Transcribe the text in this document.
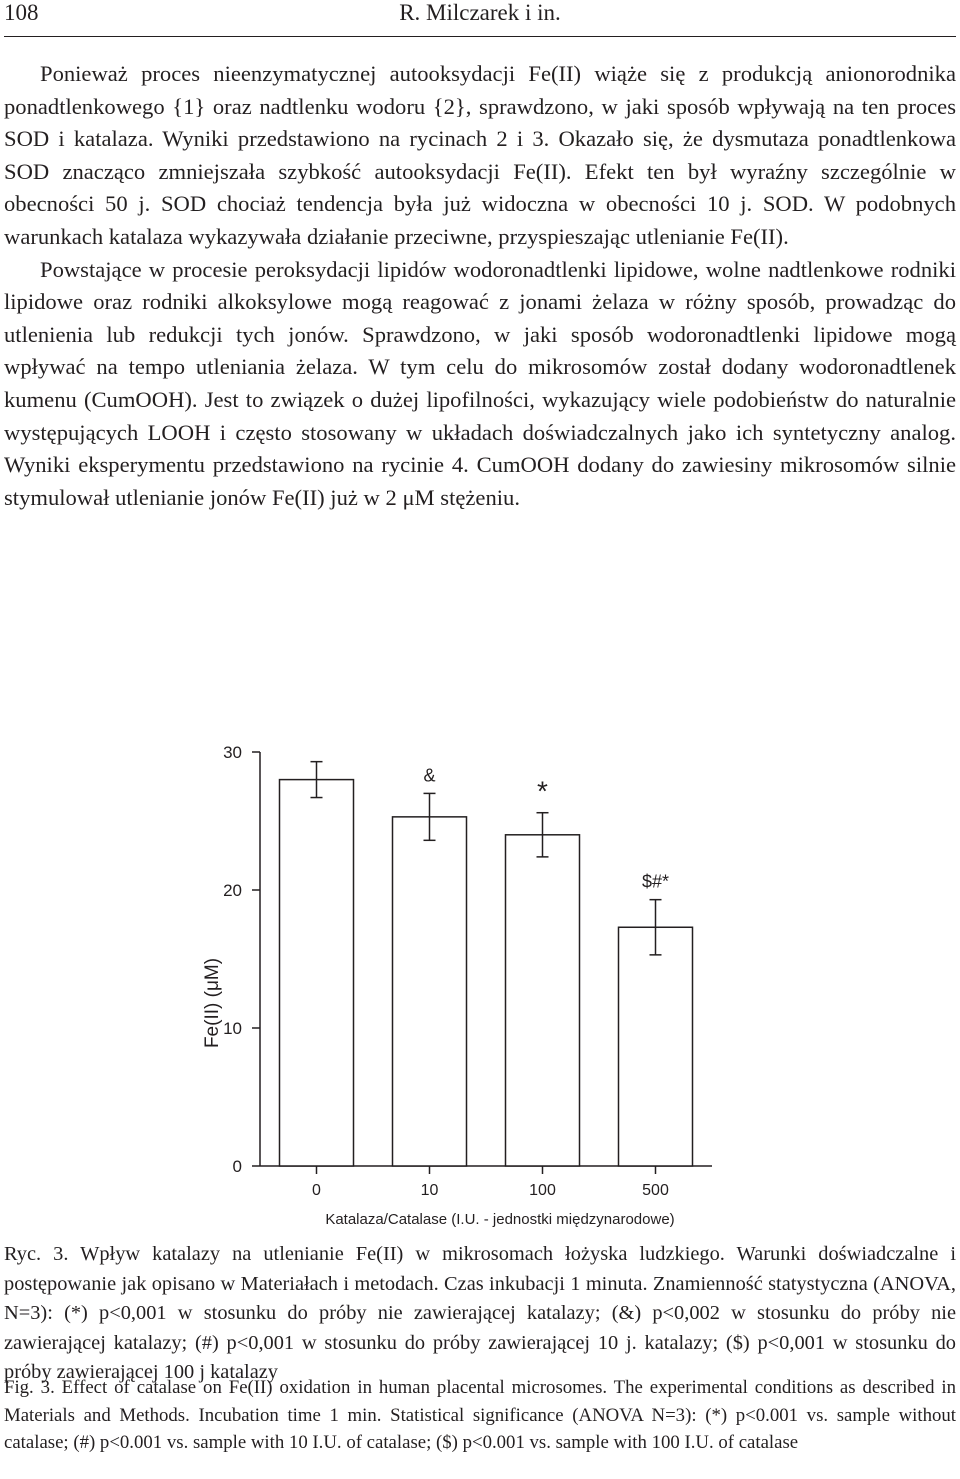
108	R. Milczarek i in.

Ponieważ proces nieenzymatycznej autooksydacji Fe(II) wiąże się z produkcją anionorodnika ponadtlenkowego {1} oraz nadtlenku wodoru {2}, sprawdzono, w jaki sposób wpływają na ten proces SOD i katalaza. Wyniki przedstawiono na rycinach 2 i 3. Okazało się, że dysmutaza ponadtlenkowa SOD znacząco zmniejszała szybkość autooksydacji Fe(II). Efekt ten był wyraźny szczególnie w obecności 50 j. SOD chociaż tendencja była już widoczna w obecności 10 j. SOD. W podobnych warunkach katalaza wykazywała działanie przeciwne, przyspieszając utlenianie Fe(II).

Powstające w procesie peroksydacji lipidów wodoronadtlenki lipidowe, wolne nadtlenkowe rodniki lipidowe oraz rodniki alkoksylowe mogą reagować z jonami żelaza w różny sposób, prowadząc do utlenienia lub redukcji tych jonów. Sprawdzono, w jaki sposób wodoronadtlenki lipidowe mogą wpływać na tempo utleniania żelaza. W tym celu do mikrosomów został dodany wodoronadtlenek kumenu (CumOOH). Jest to związek o dużej lipofilności, wykazujący wiele podobieństw do naturalnie występujących LOOH i często stosowany w układach doświadczalnych jako ich syntetyczny analog. Wyniki eksperymentu przedstawiono na rycinie 4. CumOOH dodany do zawiesiny mikrosomów silnie stymulował utlenianie jonów Fe(II) już w 2 μM stężeniu.

0
10
20
30
0	10
&
100
*
500
$#*
Fe(II) (μM)
Katalaza/Catalase (I.U. - jednostki międzynarodowe)
Ryc. 3. Wpływ katalazy na utlenianie Fe(II) w mikrosomach łożyska ludzkiego. Warunki doświadczalne i postępowanie jak opisano w Materiałach i metodach. Czas inkubacji 1 minuta. Znamienność statystyczna (ANOVA, N=3): (*) p<0,001 w stosunku do próby nie zawierającej katalazy; (&) p<0,002 w stosunku do próby nie zawierającej katalazy; (#) p<0,001 w stosunku do próby zawierającej 10 j. katalazy; ($) p<0,001 w stosunku do próby zawierającej 100 j katalazy
Fig. 3. Effect of catalase on Fe(II) oxidation in human placental microsomes. The experimental conditions as described in Materials and Methods. Incubation time 1 min. Statistical significance (ANOVA N=3): (*) p<0.001 vs. sample without catalase; (#) p<0.001 vs. sample with 10 I.U. of catalase; ($) p<0.001 vs. sample with 100 I.U. of catalase
